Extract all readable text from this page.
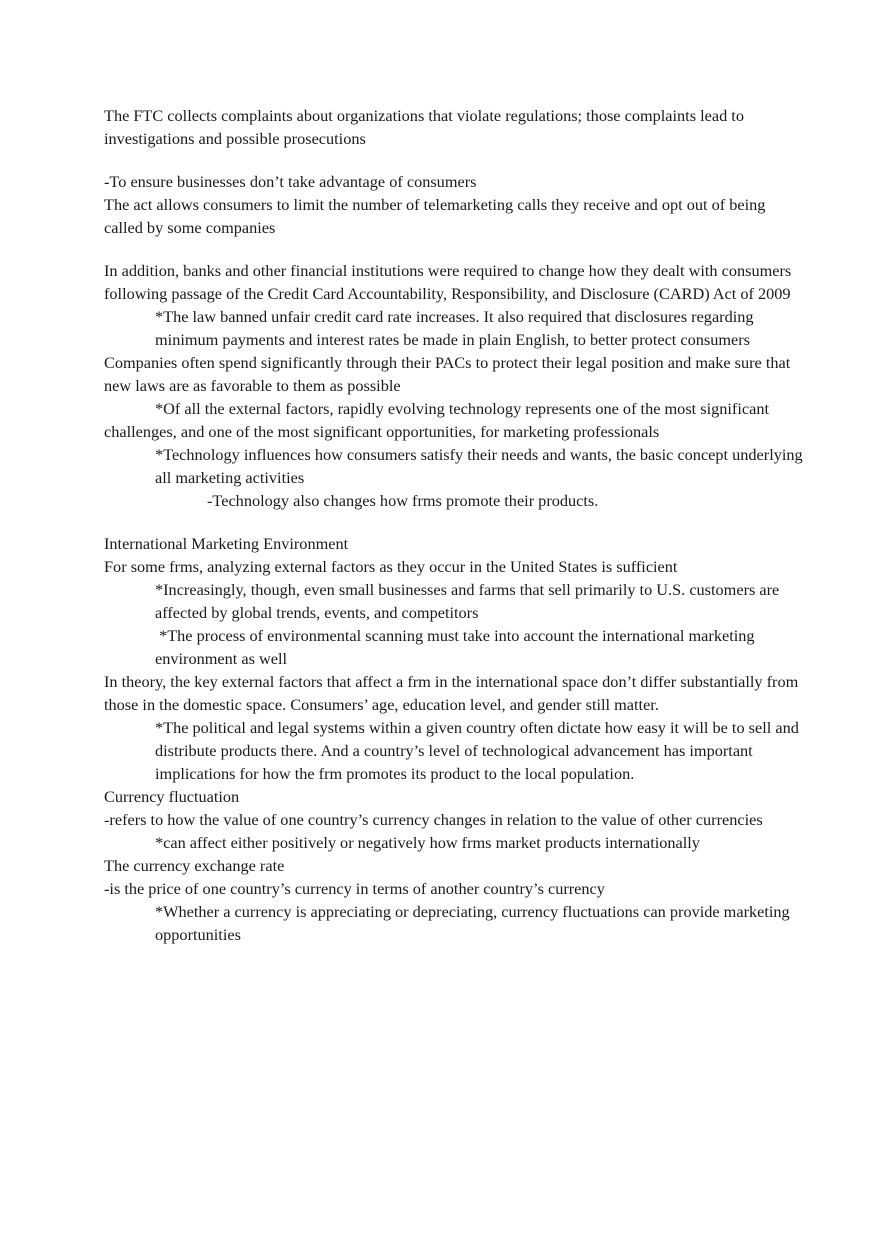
The FTC collects complaints about organizations that violate regulations; those complaints lead to investigations and possible prosecutions

-To ensure businesses don’t take advantage of consumers

The act allows consumers to limit the number of telemarketing calls they receive and opt out of being called by some companies

In addition, banks and other financial institutions were required to change how they dealt with consumers following passage of the Credit Card Accountability, Responsibility, and Disclosure (CARD) Act of 2009

*The law banned unfair credit card rate increases. It also required that disclosures regarding minimum payments and interest rates be made in plain English, to better protect consumers

Companies often spend significantly through their PACs to protect their legal position and make sure that new laws are as favorable to them as possible

*Of all the external factors, rapidly evolving technology represents one of the most significant challenges, and one of the most significant opportunities, for marketing professionals

*Technology influences how consumers satisfy their needs and wants, the basic concept underlying all marketing activities

-Technology also changes how frms promote their products.

International Marketing Environment

For some frms, analyzing external factors as they occur in the United States is sufficient

*Increasingly, though, even small businesses and farms that sell primarily to U.S. customers are affected by global trends, events, and competitors

*The process of environmental scanning must take into account the international marketing environment as well

In theory, the key external factors that affect a frm in the international space don’t differ substantially from those in the domestic space. Consumers’ age, education level, and gender still matter.

*The political and legal systems within a given country often dictate how easy it will be to sell and distribute products there. And a country’s level of technological advancement has important implications for how the frm promotes its product to the local population.

Currency fluctuation

-refers to how the value of one country’s currency changes in relation to the value of other currencies

*can affect either positively or negatively how frms market products internationally

The currency exchange rate

-is the price of one country’s currency in terms of another country’s currency

*Whether a currency is appreciating or depreciating, currency fluctuations can provide marketing opportunities
